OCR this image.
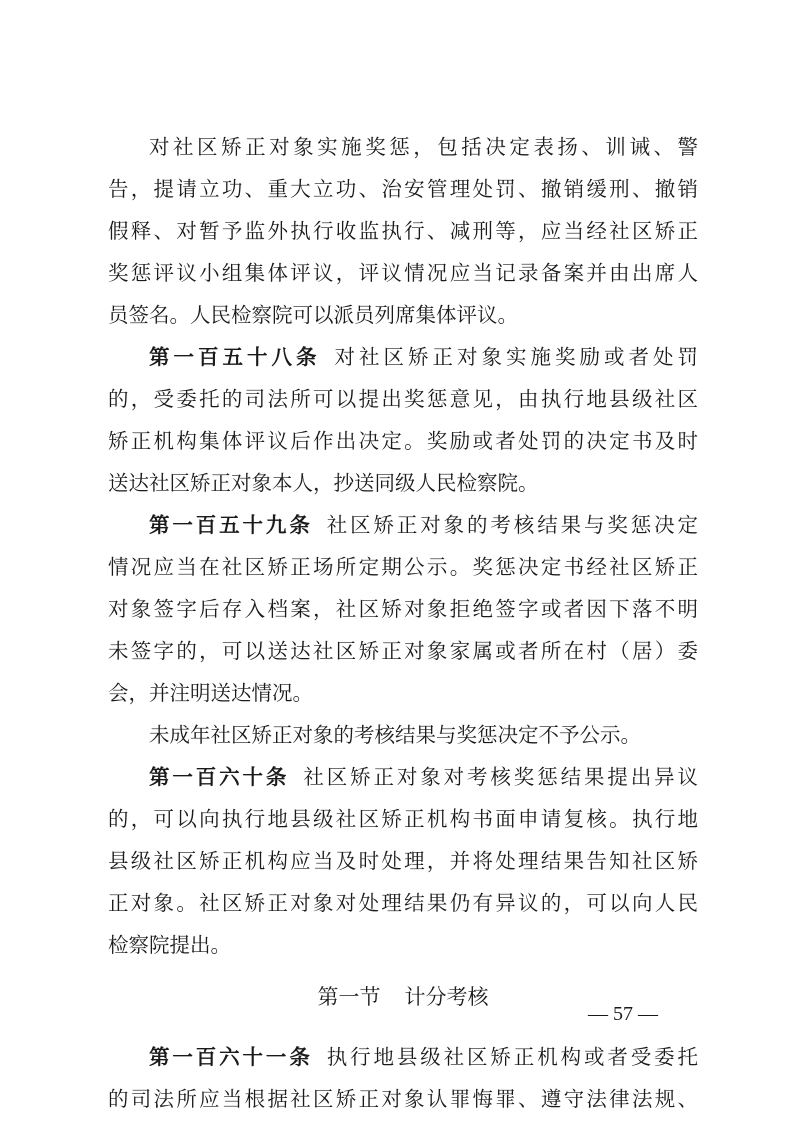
对社区矫正对象实施奖惩，包括决定表扬、训诫、警
告，提请立功、重大立功、治安管理处罚、撤销缓刑、撤销
假释、对暂予监外执行收监执行、减刑等，应当经社区矫正
奖惩评议小组集体评议，评议情况应当记录备案并由出席人
员签名。人民检察院可以派员列席集体评议。
第一百五十八条 对社区矫正对象实施奖励或者处罚
的，受委托的司法所可以提出奖惩意见，由执行地县级社区
矫正机构集体评议后作出决定。奖励或者处罚的决定书及时
送达社区矫正对象本人，抄送同级人民检察院。
第一百五十九条 社区矫正对象的考核结果与奖惩决定
情况应当在社区矫正场所定期公示。奖惩决定书经社区矫正
对象签字后存入档案，社区矫对象拒绝签字或者因下落不明
未签字的，可以送达社区矫正对象家属或者所在村（居）委
会，并注明送达情况。
未成年社区矫正对象的考核结果与奖惩决定不予公示。
第一百六十条 社区矫正对象对考核奖惩结果提出异议
的，可以向执行地县级社区矫正机构书面申请复核。执行地
县级社区矫正机构应当及时处理，并将处理结果告知社区矫
正对象。社区矫正对象对处理结果仍有异议的，可以向人民
检察院提出。
第一节 计分考核
第一百六十一条 执行地县级社区矫正机构或者受委托
的司法所应当根据社区矫正对象认罪悔罪、遵守法律法规、
— 57 —
